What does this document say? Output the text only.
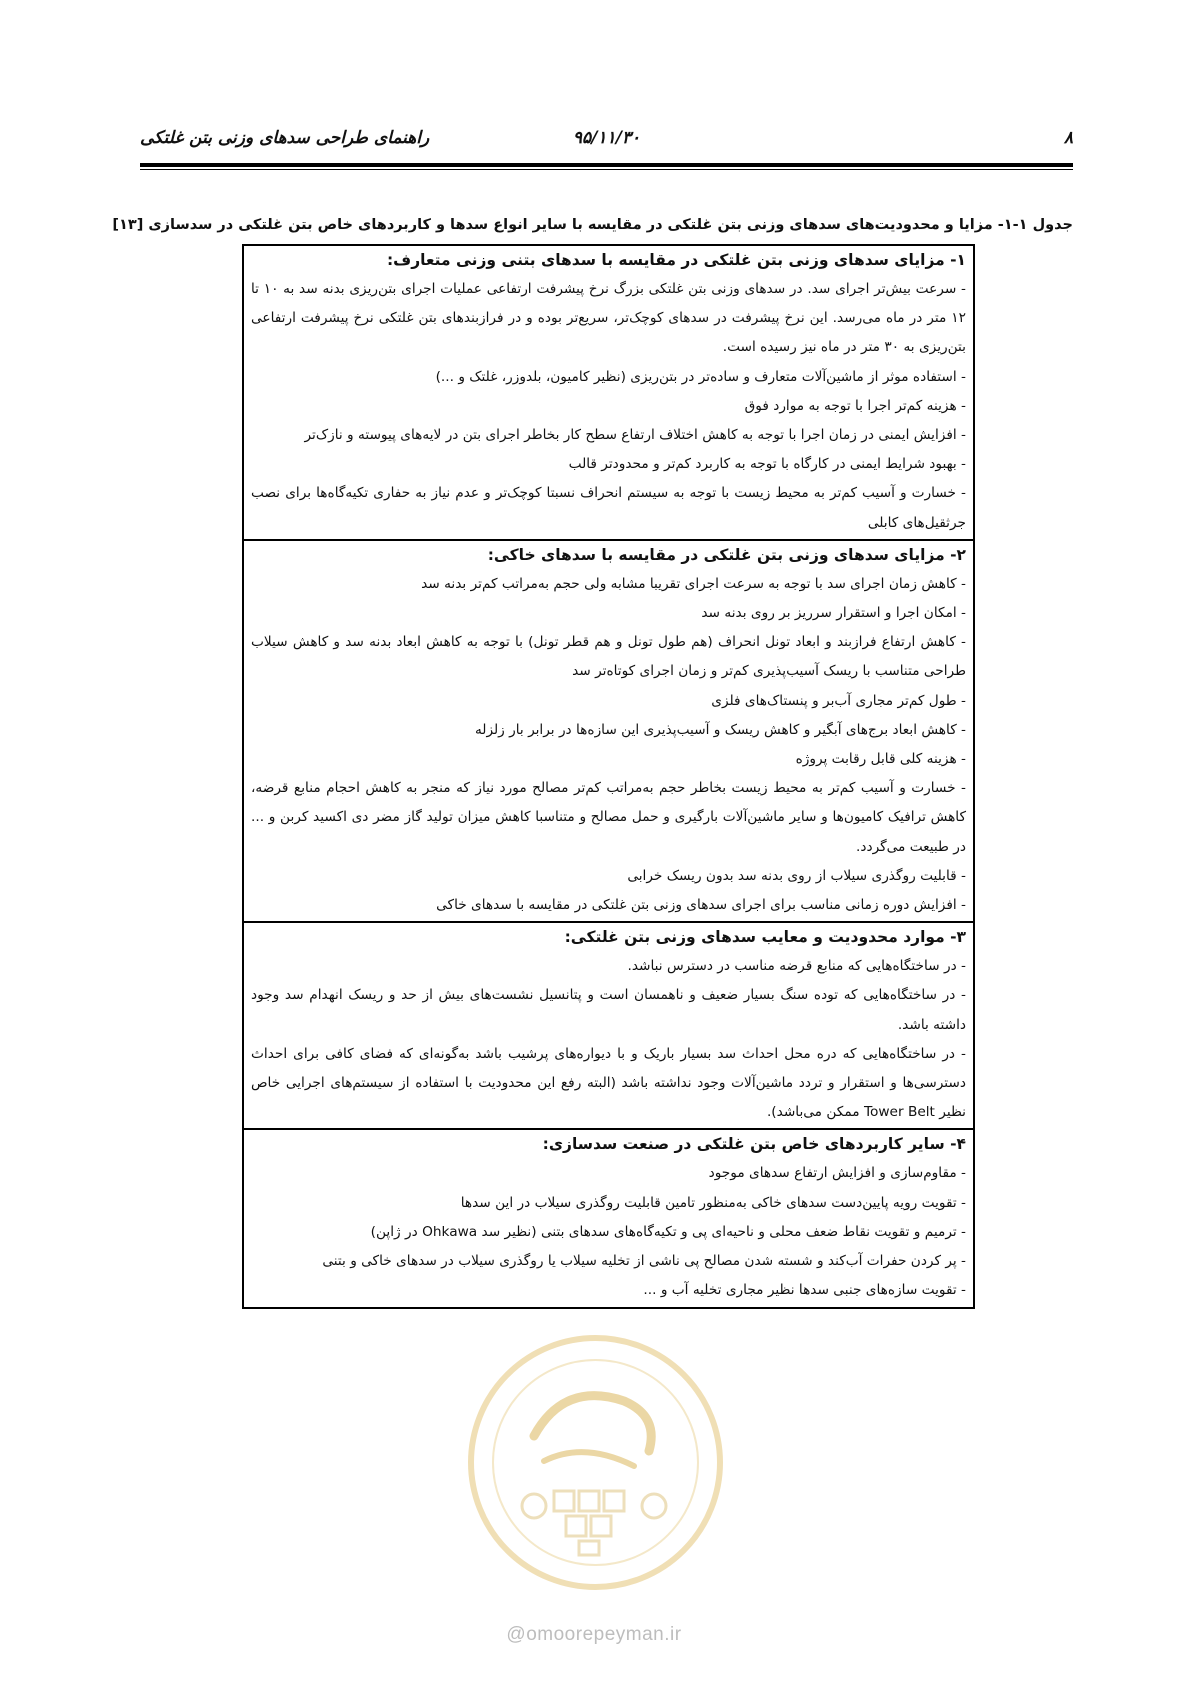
۸
۹۵/۱۱/۳۰
راهنمای طراحی سدهای وزنی بتن غلتکی
جدول ۱-۱- مزایا و محدودیت‌های سدهای وزنی بتن غلتکی در مقایسه با سایر انواع سدها و کاربردهای خاص بتن غلتکی در سدسازی [۱۳]
۱- مزایای سدهای وزنی بتن غلتکی در مقایسه با سدهای بتنی وزنی متعارف:
- سرعت بیش‌تر اجرای سد. در سدهای وزنی بتن غلتکی بزرگ نرخ پیشرفت ارتفاعی عملیات اجرای بتن‌ریزی بدنه سد به ۱۰ تا ۱۲ متر در ماه می‌رسد. این نرخ پیشرفت در سدهای کوچک‌تر، سریع‌تر بوده و در فرازبندهای بتن غلتکی نرخ پیشرفت ارتفاعی بتن‌ریزی به ۳۰ متر در ماه نیز رسیده است.
- استفاده موثر از ماشین‌آلات متعارف و ساده‌تر در بتن‌ریزی (نظیر کامیون، بلدوزر، غلتک و ...)
- هزینه کم‌تر اجرا با توجه به موارد فوق
- افزایش ایمنی در زمان اجرا با توجه به کاهش اختلاف ارتفاع سطح کار بخاطر اجرای بتن در لایه‌های پیوسته و نازک‌تر
- بهبود شرایط ایمنی در کارگاه با توجه به کاربرد کم‌تر و محدودتر قالب
- خسارت و آسیب کم‌تر به محیط زیست با توجه به سیستم انحراف نسبتا کوچک‌تر و عدم نیاز به حفاری تکیه‌گاه‌ها برای نصب جرثقیل‌های کابلی
۲- مزایای سدهای وزنی بتن غلتکی در مقایسه با سدهای خاکی:
- کاهش زمان اجرای سد با توجه به سرعت اجرای تقریبا مشابه ولی حجم به‌مراتب کم‌تر بدنه سد
- امکان اجرا و استقرار سرریز بر روی بدنه سد
- کاهش ارتفاع فرازبند و ابعاد تونل انحراف (هم طول تونل و هم قطر تونل) با توجه به کاهش ابعاد بدنه سد و کاهش سیلاب طراحی متناسب با ریسک آسیب‌پذیری کم‌تر و زمان اجرای کوتاه‌تر سد
- طول کم‌تر مجاری آب‌بر و پنستاک‌های فلزی
- کاهش ابعاد برج‌های آبگیر و کاهش ریسک و آسیب‌پذیری این سازه‌ها در برابر بار زلزله
- هزینه کلی قابل رقابت پروژه
- خسارت و آسیب کم‌تر به محیط زیست بخاطر حجم به‌مراتب کم‌تر مصالح مورد نیاز که منجر به کاهش احجام منابع قرضه، کاهش ترافیک کامیون‌ها و سایر ماشین‌آلات بارگیری و حمل مصالح و متناسبا کاهش میزان تولید گاز مضر دی اکسید کربن و ... در طبیعت می‌گردد.
- قابلیت روگذری سیلاب از روی بدنه سد بدون ریسک خرابی
- افزایش دوره زمانی مناسب برای اجرای سدهای وزنی بتن غلتکی در مقایسه با سدهای خاکی
۳- موارد محدودیت و معایب سدهای وزنی بتن غلتکی:
- در ساختگاه‌هایی که منابع قرضه مناسب در دسترس نباشد.
- در ساختگاه‌هایی که توده سنگ بسیار ضعیف و ناهمسان است و پتانسیل نشست‌های بیش از حد و ریسک انهدام سد وجود داشته باشد.
- در ساختگاه‌هایی که دره محل احداث سد بسیار باریک و با دیواره‌های پرشیب باشد به‌گونه‌ای که فضای کافی برای احداث دسترسی‌ها و استقرار و تردد ماشین‌آلات وجود نداشته باشد (البته رفع این محدودیت با استفاده از سیستم‌های اجرایی خاص نظیر Tower Belt ممکن می‌باشد).
۴- سایر کاربردهای خاص بتن غلتکی در صنعت سدسازی:
- مقاوم‌سازی و افزایش ارتفاع سدهای موجود
- تقویت رویه پایین‌دست سدهای خاکی به‌منظور تامین قابلیت روگذری سیلاب در این سدها
- ترمیم و تقویت نقاط ضعف محلی و ناحیه‌ای پی و تکیه‌گاه‌های سدهای بتنی (نظیر سد Ohkawa در ژاپن)
- پر کردن حفرات آب‌کند و شسته شدن مصالح پی ناشی از تخلیه سیلاب یا روگذری سیلاب در سدهای خاکی و بتنی
- تقویت سازه‌های جنبی سدها نظیر مجاری تخلیه آب و ...
@omoorepeyman.ir
